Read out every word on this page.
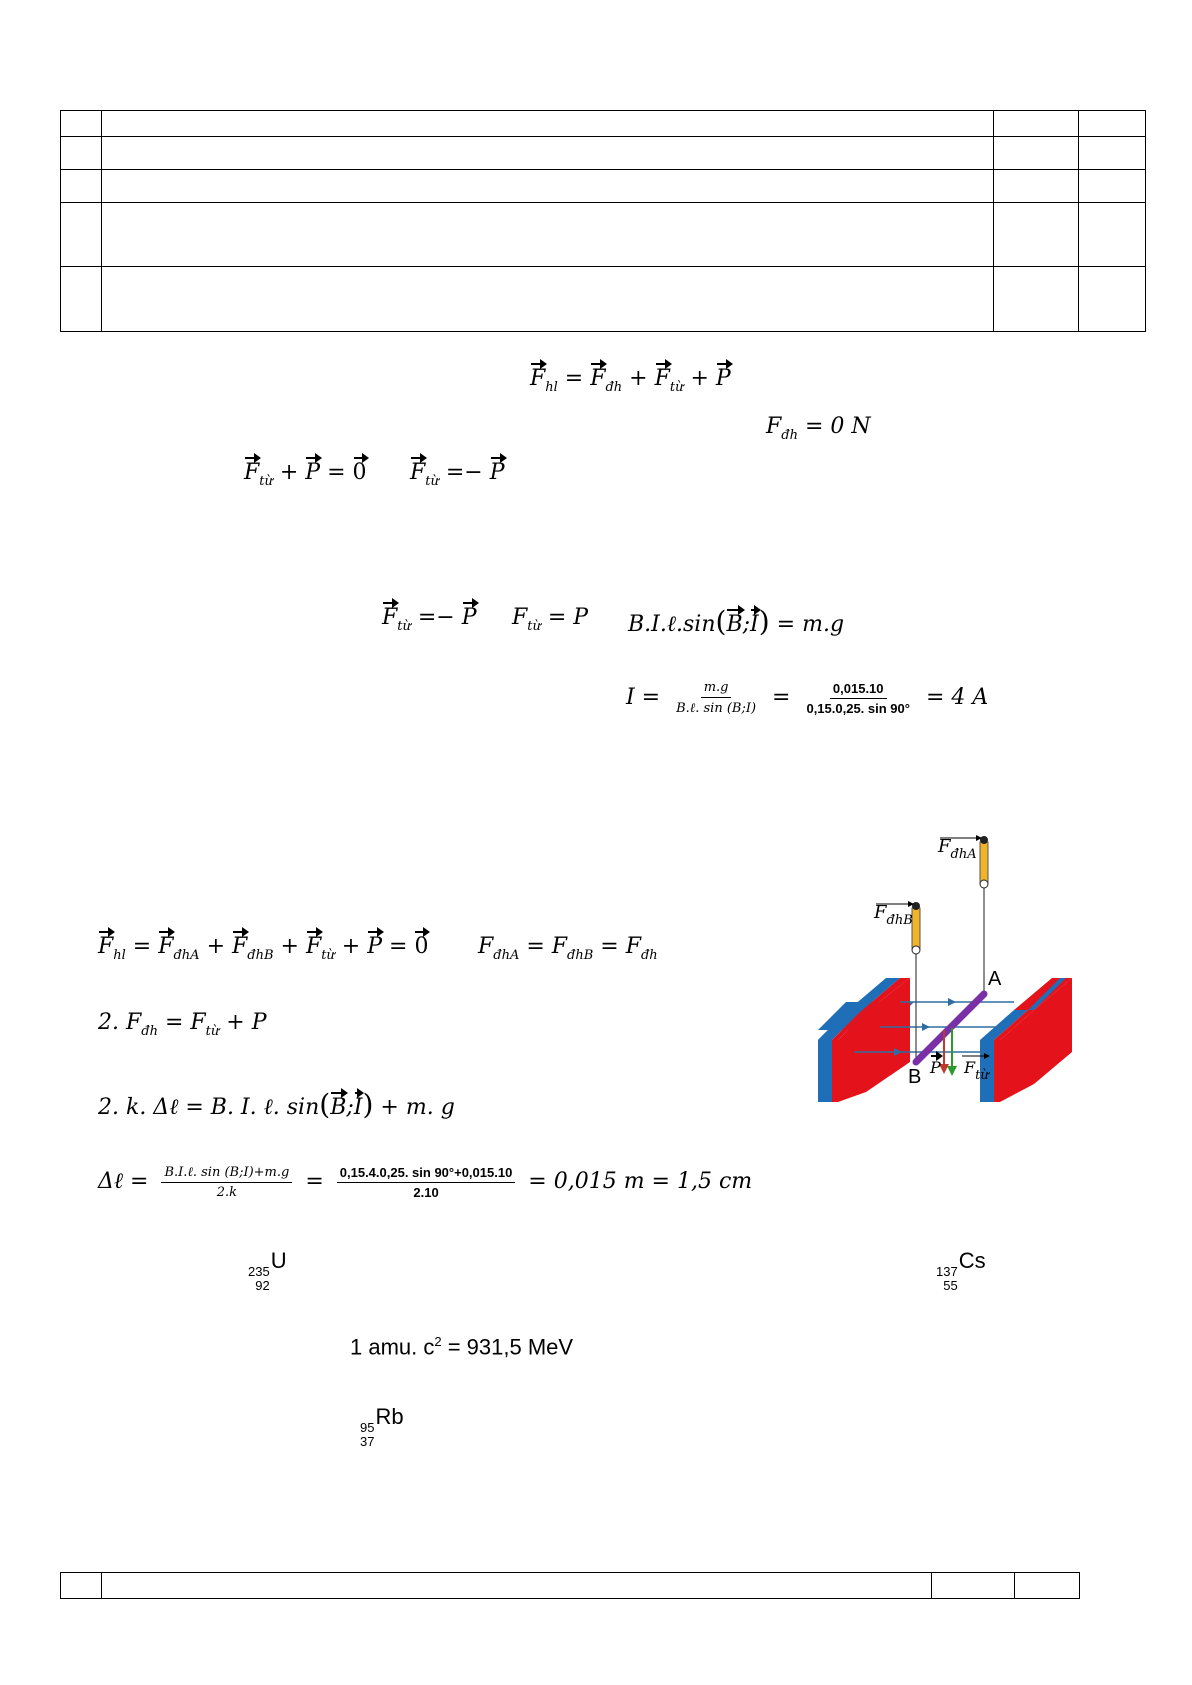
$F_{hl} = F_{đh} + F_{từ} + P$
$F_{đh} = 0$ N
$F_{từ} + P = 0$ $F_{từ} =- P$
$F_{từ} =- P$ $F_{từ} = P$ B.I.ℓ.sin(B;I) = m.g
$I = \frac{m.g}{\text{B.ℓ. sin (B;I)}} = \frac{0,015.10}{0,15.0,25. \sin 90^\circ} = 4$ A
$F_{đhA}$
$F_{đhB}$
A
B P $F_{từ}$
$F_{hl} = F_{đhA} + F_{đhB} + F_{từ} + P = 0$ $F_{đhA} = F_{đhB} = F_{đh}$
2. $F_{đh} = F_{từ} + P$
2. k. Δℓ = B. I. ℓ. sin(B;I) + m. g
Δℓ = $\frac{\text{B.I.ℓ. sin (B;I)+m.g}}{2.k} = \frac{0,15.4.0,25. \sin 90^\circ+0,015.10}{2.10} = 0,015$ m = 1,5 cm
235
92
U	137
55
Cs
1 amu. $c^2 = 931,5$ MeV
95
37
Rb
